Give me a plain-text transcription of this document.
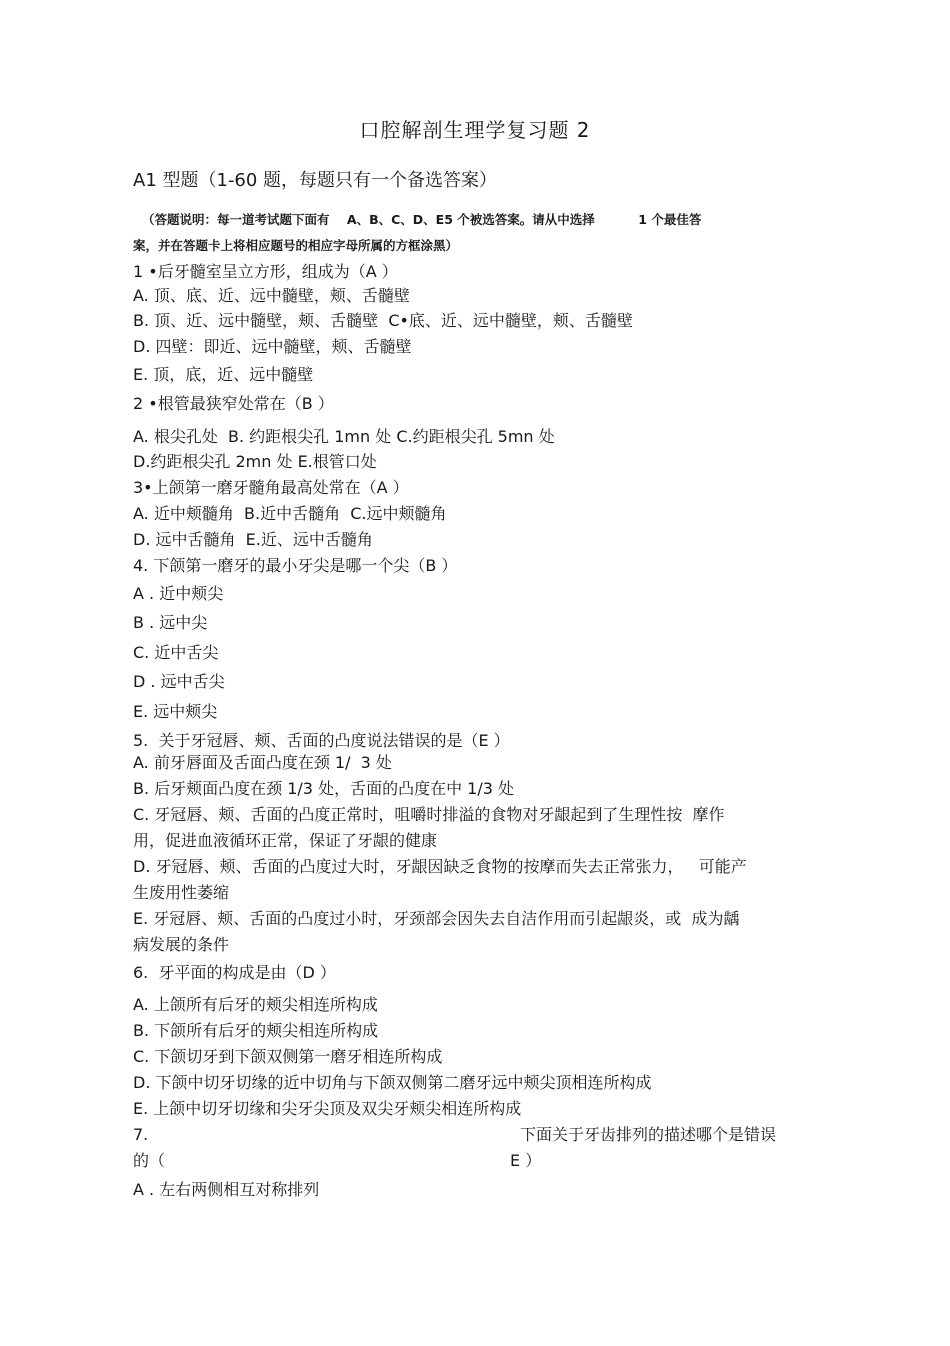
口腔解剖生理学复习题 2
A1 型题（1-60 题，每题只有一个备选答案）
（答题说明：每一道考试题下面有    A、B、C、D、E5 个被选答案。请从中选择          1 个最佳答
案，并在答题卡上将相应题号的相应字母所属的方框涂黑）
1 •后牙髓室呈立方形，组成为（A ）
A. 顶、底、近、远中髓壁，颊、舌髓壁
B. 顶、近、远中髓壁，颊、舌髓壁  C•底、近、远中髓壁，颊、舌髓壁
D. 四壁：即近、远中髓壁，颊、舌髓壁
E. 顶，底，近、远中髓壁
2 •根管最狭窄处常在（B ）
A. 根尖孔处  B. 约距根尖孔 1mn 处 C.约距根尖孔 5mn 处
D.约距根尖孔 2mn 处 E.根管口处
3•上颌第一磨牙髓角最高处常在（A ）
A. 近中颊髓角  B.近中舌髓角  C.远中颊髓角
D. 远中舌髓角  E.近、远中舌髓角
4. 下颌第一磨牙的最小牙尖是哪一个尖（B ）
A . 近中颊尖
B . 远中尖
C. 近中舌尖
D . 远中舌尖
E. 远中颊尖
5.  关于牙冠唇、颊、舌面的凸度说法错误的是（E ）
A. 前牙唇面及舌面凸度在颈 1/  3 处
B. 后牙颊面凸度在颈 1/3 处，舌面的凸度在中 1/3 处
C. 牙冠唇、颊、舌面的凸度正常时，咀嚼时排溢的食物对牙龈起到了生理性按  摩作
用，促进血液循环正常，保证了牙龈的健康
D. 牙冠唇、颊、舌面的凸度过大时，牙龈因缺乏食物的按摩而失去正常张力，   可能产
生废用性萎缩
E. 牙冠唇、颊、舌面的凸度过小时，牙颈部会因失去自洁作用而引起龈炎，或  成为龋
病发展的条件
6.  牙平面的构成是由（D ）
A. 上颌所有后牙的颊尖相连所构成
B. 下颌所有后牙的颊尖相连所构成
C. 下颌切牙到下颌双侧第一磨牙相连所构成
D. 下颌中切牙切缘的近中切角与下颌双侧第二磨牙远中颊尖顶相连所构成
E. 上颌中切牙切缘和尖牙尖顶及双尖牙颊尖相连所构成
7.	下面关于牙齿排列的描述哪个是错误
的（	E ）
A . 左右两侧相互对称排列
